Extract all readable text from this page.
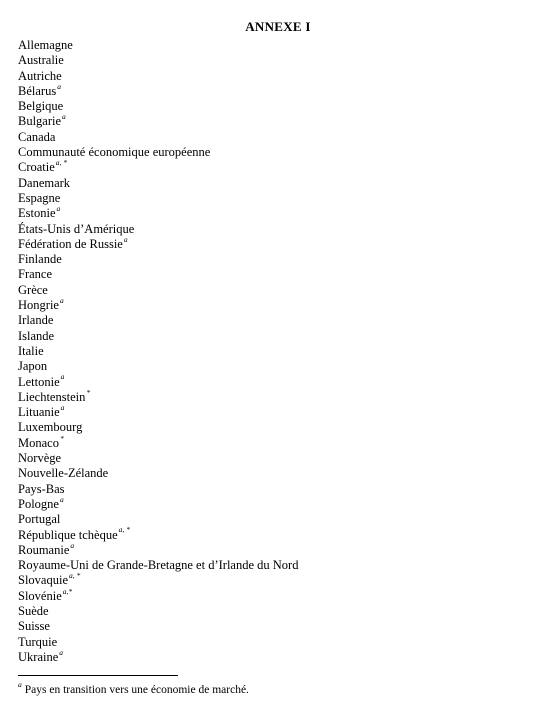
ANNEXE I
Allemagne
Australie
Autriche
Bélarus$^a$
Belgique
Bulgarie$^a$
Canada
Communauté économique européenne
Croatie$^{a, *}$
Danemark
Espagne
Estonie$^a$
États-Unis d’Amérique
Fédération de Russie$^a$
Finlande
France
Grèce
Hongrie$^a$
Irlande
Islande
Italie
Japon
Lettonie$^a$
Liechtenstein*
Lituanie$^a$
Luxembourg
Monaco*
Norvège
Nouvelle-Zélande
Pays-Bas
Pologne$^a$
Portugal
République tchèque$^{a, *}$
Roumanie$^a$
Royaume-Uni de Grande-Bretagne et d’Irlande du Nord
Slovaquie$^{a, *}$
Slovénie$^{a,*}$
Suède
Suisse
Turquie
Ukraine$^a$
$^a$ Pays en transition vers une économie de marché.
